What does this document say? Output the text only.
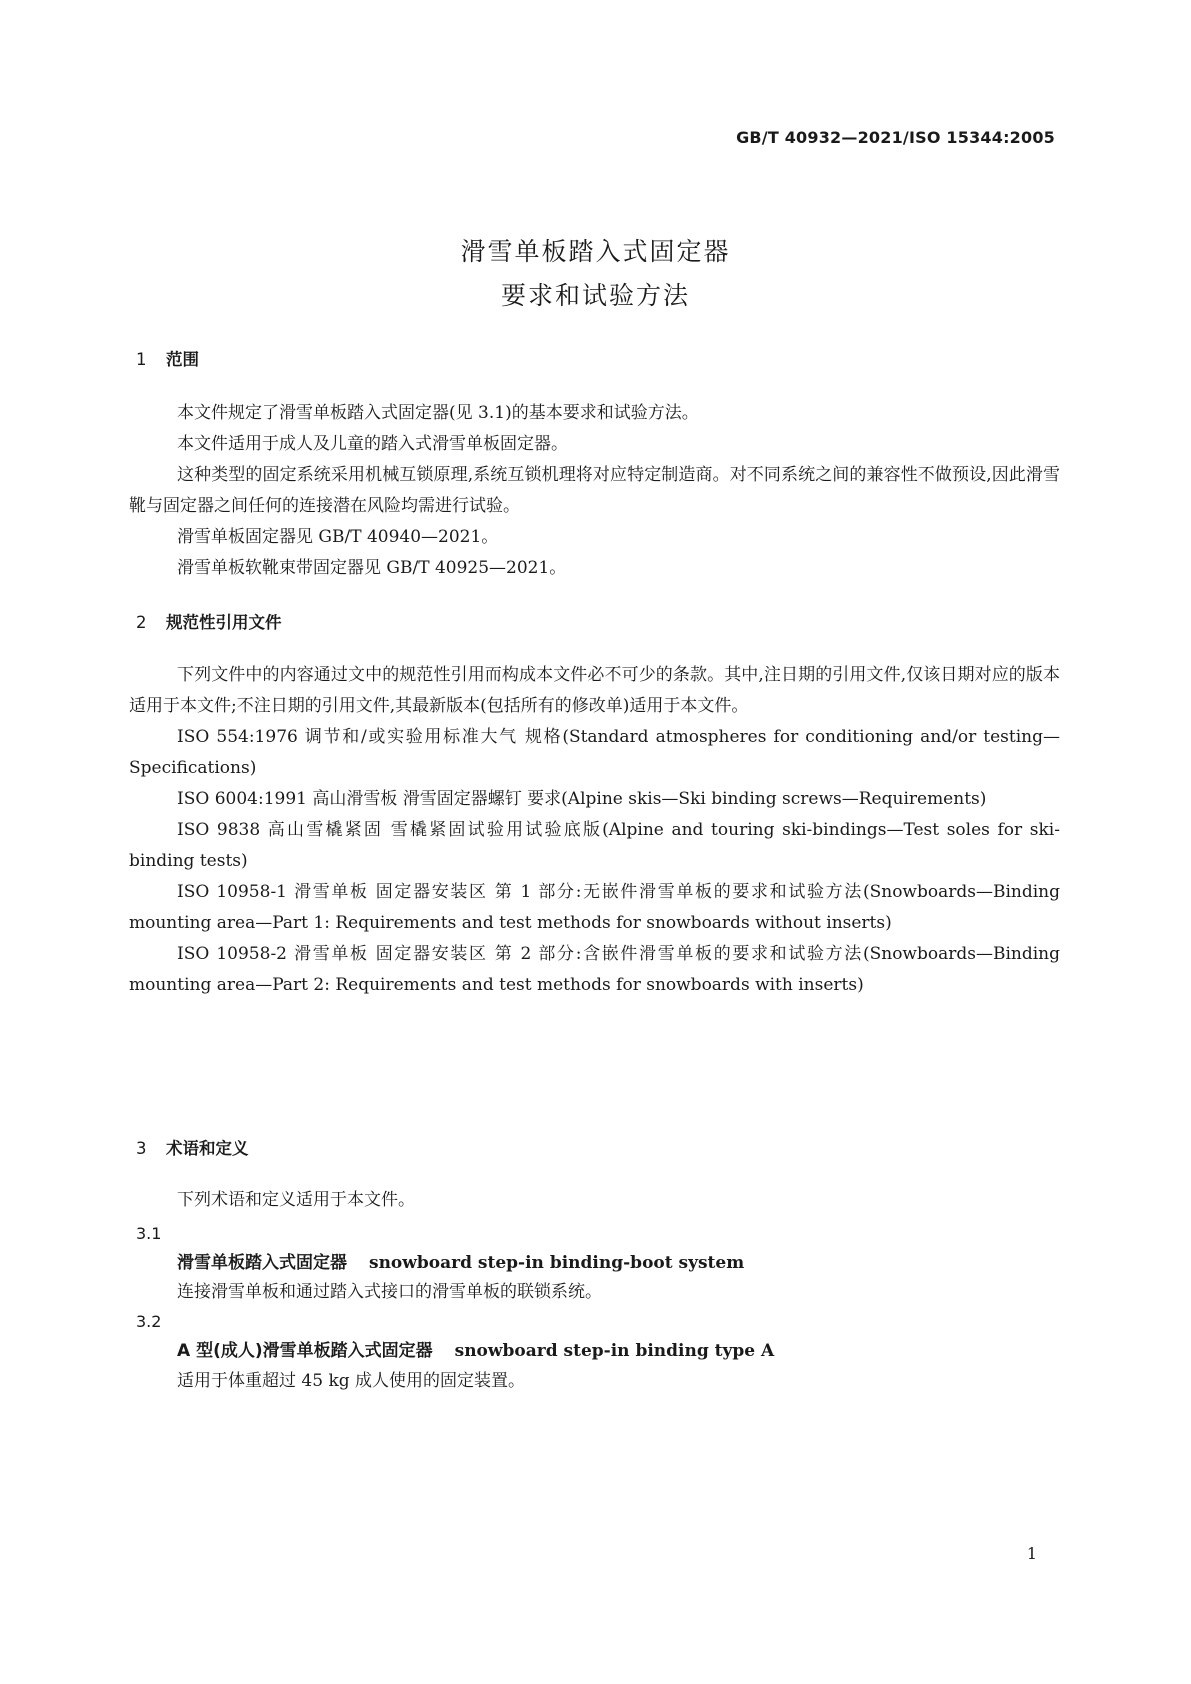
GB/T 40932—2021/ISO 15344:2005
滑雪单板踏入式固定器
要求和试验方法
1 范围

本文件规定了滑雪单板踏入式固定器(见 3.1)的基本要求和试验方法。

本文件适用于成人及儿童的踏入式滑雪单板固定器。

这种类型的固定系统采用机械互锁原理,系统互锁机理将对应特定制造商。对不同系统之间的兼容性不做预设,因此滑雪靴与固定器之间任何的连接潜在风险均需进行试验。

滑雪单板固定器见 GB/T 40940—2021。

滑雪单板软靴束带固定器见 GB/T 40925—2021。

2 规范性引用文件

下列文件中的内容通过文中的规范性引用而构成本文件必不可少的条款。其中,注日期的引用文件,仅该日期对应的版本适用于本文件;不注日期的引用文件,其最新版本(包括所有的修改单)适用于本文件。

ISO 554:1976 调节和/或实验用标准大气 规格(Standard atmospheres for conditioning and/or testing—Specifications)

ISO 6004:1991 高山滑雪板 滑雪固定器螺钉 要求(Alpine skis—Ski binding screws—Requirements)

ISO 9838 高山雪橇紧固 雪橇紧固试验用试验底版(Alpine and touring ski-bindings—Test soles for ski-binding tests)

ISO 10958-1 滑雪单板 固定器安装区 第 1 部分:无嵌件滑雪单板的要求和试验方法(Snowboards—Binding mounting area—Part 1: Requirements and test methods for snowboards without inserts)

ISO 10958-2 滑雪单板 固定器安装区 第 2 部分:含嵌件滑雪单板的要求和试验方法(Snowboards—Binding mounting area—Part 2: Requirements and test methods for snowboards with inserts)

3 术语和定义

下列术语和定义适用于本文件。

3.1
滑雪单板踏入式固定器 snowboard step-in binding-boot system
连接滑雪单板和通过踏入式接口的滑雪单板的联锁系统。
3.2
A 型(成人)滑雪单板踏入式固定器 snowboard step-in binding type A
适用于体重超过 45 kg 成人使用的固定装置。
1
